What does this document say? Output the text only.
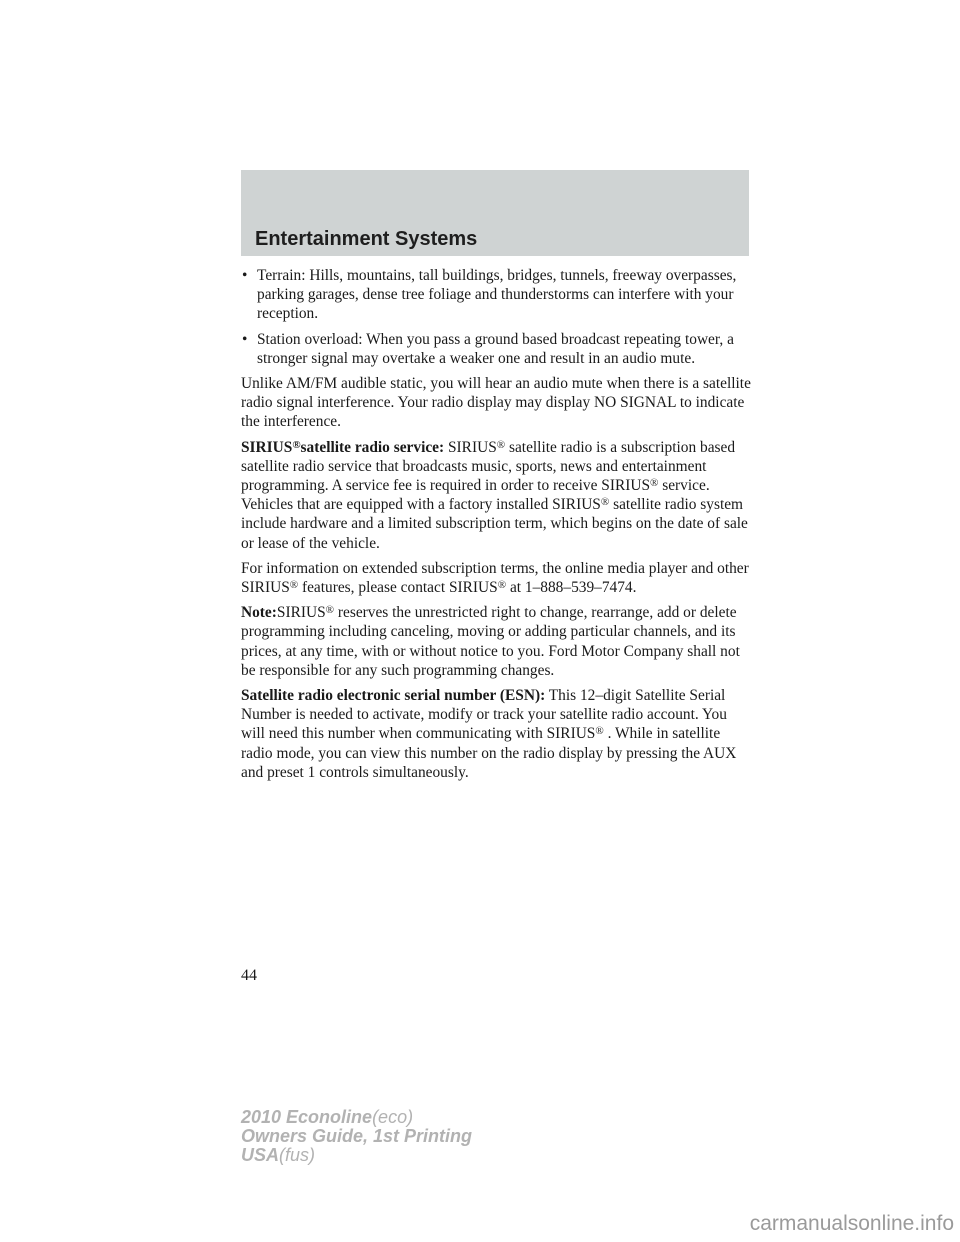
Entertainment Systems
• Terrain: Hills, mountains, tall buildings, bridges, tunnels, freeway overpasses, parking garages, dense tree foliage and thunderstorms can interfere with your reception.
• Station overload: When you pass a ground based broadcast repeating tower, a stronger signal may overtake a weaker one and result in an audio mute.

Unlike AM/FM audible static, you will hear an audio mute when there is a satellite radio signal interference. Your radio display may display NO SIGNAL to indicate the interference.

SIRIUS®satellite radio service: SIRIUS® satellite radio is a subscription based satellite radio service that broadcasts music, sports, news and entertainment programming. A service fee is required in order to receive SIRIUS® service. Vehicles that are equipped with a factory installed SIRIUS® satellite radio system include hardware and a limited subscription term, which begins on the date of sale or lease of the vehicle.

For information on extended subscription terms, the online media player and other SIRIUS® features, please contact SIRIUS® at 1–888–539–7474.

Note:SIRIUS® reserves the unrestricted right to change, rearrange, add or delete programming including canceling, moving or adding particular channels, and its prices, at any time, with or without notice to you. Ford Motor Company shall not be responsible for any such programming changes.

Satellite radio electronic serial number (ESN): This 12–digit Satellite Serial Number is needed to activate, modify or track your satellite radio account. You will need this number when communicating with SIRIUS® . While in satellite radio mode, you can view this number on the radio display by pressing the AUX and preset 1 controls simultaneously.

44
2010 Econoline(eco)
Owners Guide, 1st Printing
USA(fus)
carmanualsonline.info
